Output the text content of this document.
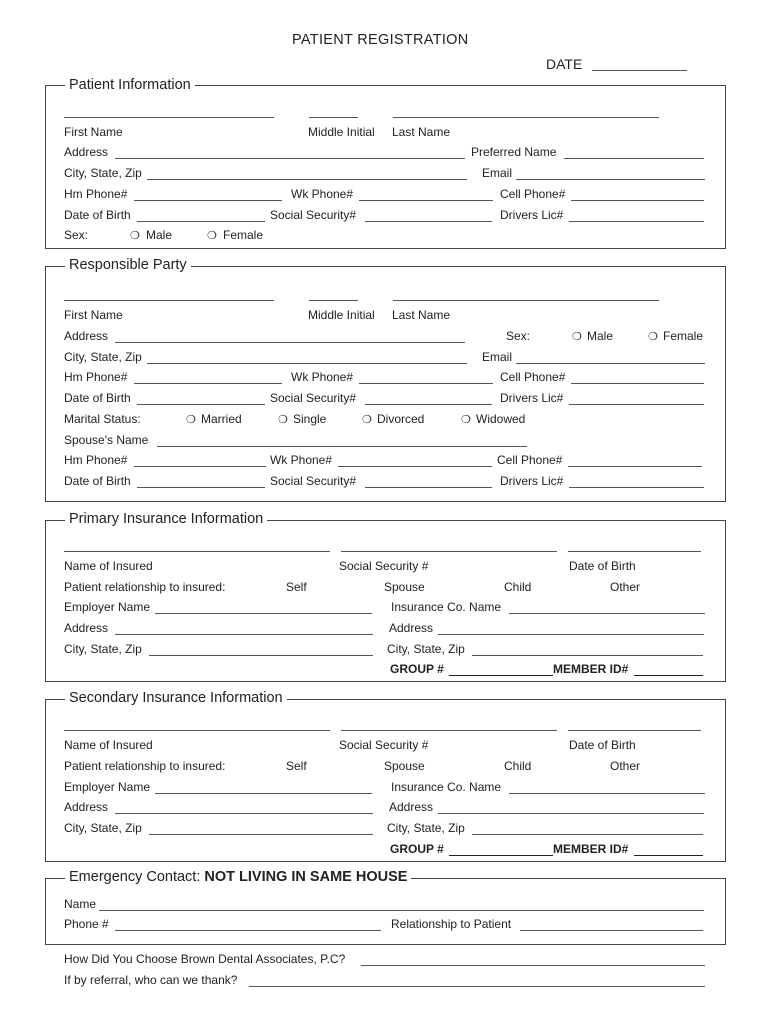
PATIENT REGISTRATION
DATE
Patient Information
First Name	Middle Initial Last Name
Address	Preferred Name
City, State, Zip	Email
Hm Phone#	Wk Phone#	Cell Phone#
Date of Birth	Social Security#	Drivers Lic#
Sex:	❍ Male	❍ Female
Responsible Party
First Name	Middle Initial Last Name
Address	Sex:	❍ Male	❍ Female
City, State, Zip	Email
Hm Phone#	Wk Phone#	Cell Phone#
Date of Birth	Social Security#	Drivers Lic#
Marital Status:	❍ Married	❍ Single	❍ Divorced	❍ Widowed
Spouse's Name
Hm Phone#	Wk Phone#	Cell Phone#
Date of Birth	Social Security#	Drivers Lic#
Primary Insurance Information
Name of Insured	Social Security #	Date of Birth
Patient relationship to insured:	Self	Spouse	Child	Other
Employer Name	Insurance Co. Name
Address	Address
City, State, Zip	City, State, Zip
GROUP #	MEMBER ID#
Secondary Insurance Information
Name of Insured	Social Security #	Date of Birth
Patient relationship to insured:	Self	Spouse	Child	Other
Employer Name	Insurance Co. Name
Address	Address
City, State, Zip	City, State, Zip
GROUP #	MEMBER ID#
Emergency Contact: NOT LIVING IN SAME HOUSE
Name
Phone #	Relationship to Patient
How Did You Choose Brown Dental Associates, P.C?
If by referral, who can we thank?
